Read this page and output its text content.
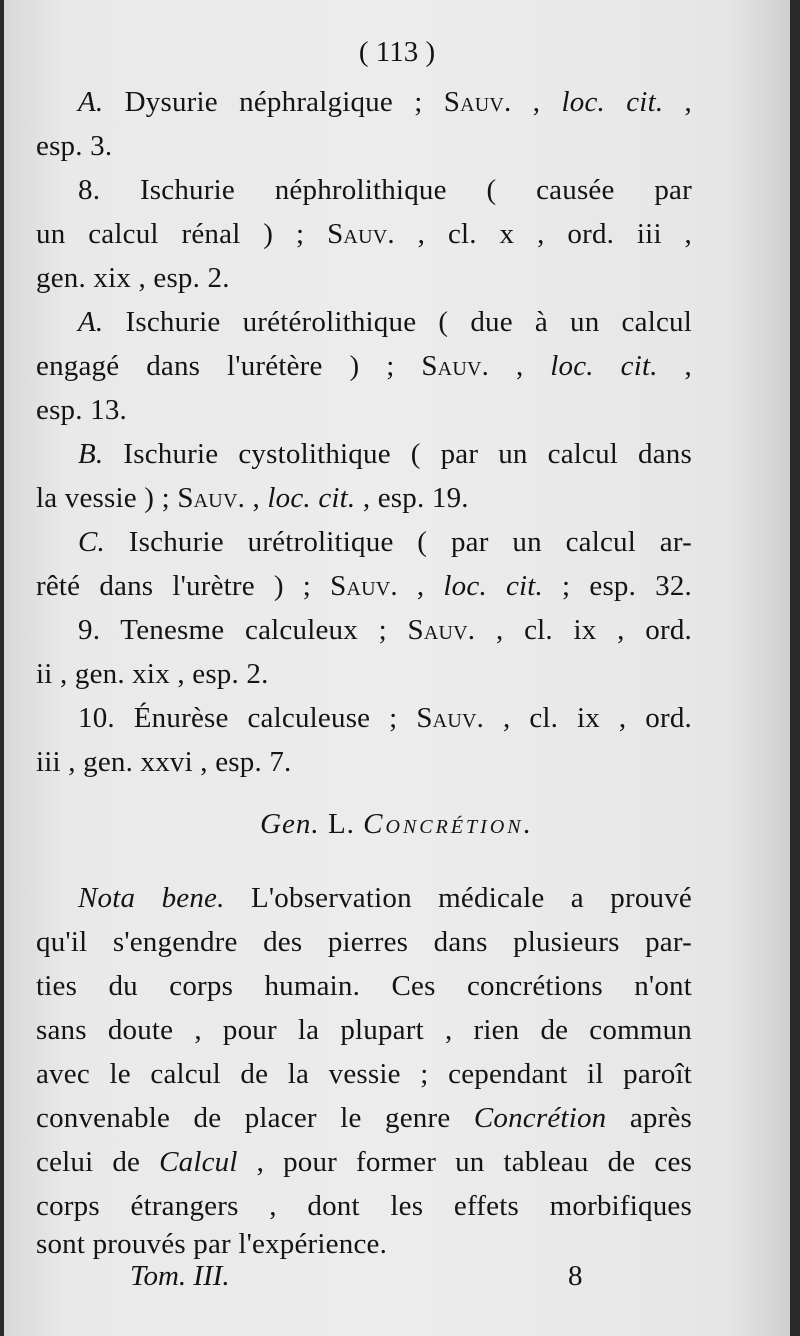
( 113 )
A. Dysurie néphralgique ; Sauv. , loc. cit. ,
esp. 3.
8. Ischurie néphrolithique ( causée par
un calcul rénal ) ; Sauv. , cl. x , ord. iii ,
gen. xix , esp. 2.
A. Ischurie urétérolithique ( due à un calcul
engagé dans l'urétère ) ; Sauv. , loc. cit. ,
esp. 13.
B. Ischurie cystolithique ( par un calcul dans
la vessie ) ; Sauv. , loc. cit. , esp. 19.
C. Ischurie urétrolitique ( par un calcul ar-
rêté dans l'urètre ) ; Sauv. , loc. cit. ; esp. 32.
9. Tenesme calculeux ; Sauv. , cl. ix , ord.
ii , gen. xix , esp. 2.
10. Énurèse calculeuse ; Sauv. , cl. ix , ord.
iii , gen. xxvi , esp. 7.
Gen. L. Concrétion.
Nota bene. L'observation médicale a prouvé
qu'il s'engendre des pierres dans plusieurs par-
ties du corps humain. Ces concrétions n'ont
sans doute , pour la plupart , rien de commun
avec le calcul de la vessie ; cependant il paroît
convenable de placer le genre Concrétion après
celui de Calcul , pour former un tableau de ces
corps étrangers , dont les effets morbifiques
sont prouvés par l'expérience.
Tom. III.	8
